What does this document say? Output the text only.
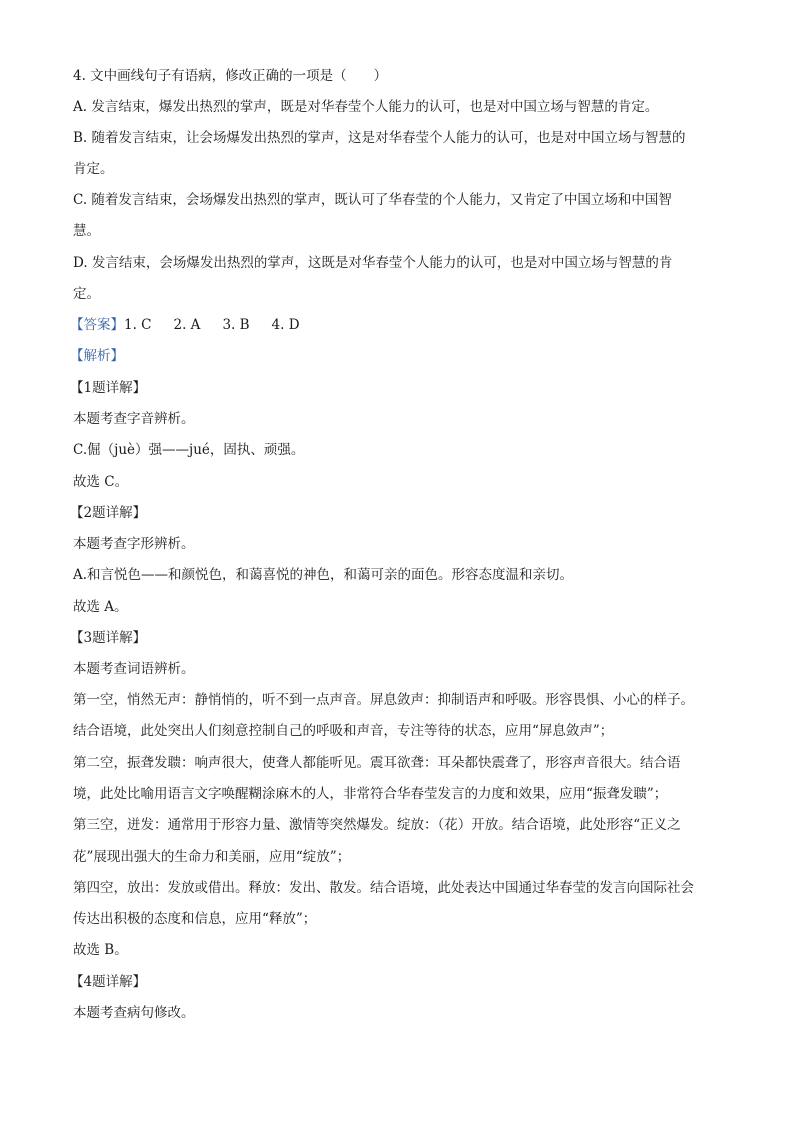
4. 文中画线句子有语病，修改正确的一项是（　　）
A. 发言结束，爆发出热烈的掌声，既是对华春莹个人能力的认可，也是对中国立场与智慧的肯定。
B. 随着发言结束，让会场爆发出热烈的掌声，这是对华春莹个人能力的认可，也是对中国立场与智慧的
肯定。
C. 随着发言结束，会场爆发出热烈的掌声，既认可了华春莹的个人能力，又肯定了中国立场和中国智
慧。
D. 发言结束，会场爆发出热烈的掌声，这既是对华春莹个人能力的认可，也是对中国立场与智慧的肯
定。
【答案】1. C 2. A 3. B 4. D
【解析】
【1题详解】
本题考查字音辨析。
C.倔（juè）强——jué，固执、顽强。
故选 C。
【2题详解】
本题考查字形辨析。
A.和言悦色——和颜悦色，和蔼喜悦的神色，和蔼可亲的面色。形容态度温和亲切。
故选 A。
【3题详解】
本题考查词语辨析。
第一空，悄然无声：静悄悄的，听不到一点声音。屏息敛声：抑制语声和呼吸。形容畏惧、小心的样子。
结合语境，此处突出人们刻意控制自己的呼吸和声音，专注等待的状态，应用“屏息敛声”；
第二空，振聋发聩：响声很大，使聋人都能听见。震耳欲聋：耳朵都快震聋了，形容声音很大。结合语
境，此处比喻用语言文字唤醒糊涂麻木的人，非常符合华春莹发言的力度和效果，应用“振聋发聩”；
第三空，迸发：通常用于形容力量、激情等突然爆发。绽放：（花）开放。结合语境，此处形容“正义之
花”展现出强大的生命力和美丽，应用“绽放”；
第四空，放出：发放或借出。释放：发出、散发。结合语境，此处表达中国通过华春莹的发言向国际社会
传达出积极的态度和信息，应用“释放”；
故选 B。
【4题详解】
本题考查病句修改。
